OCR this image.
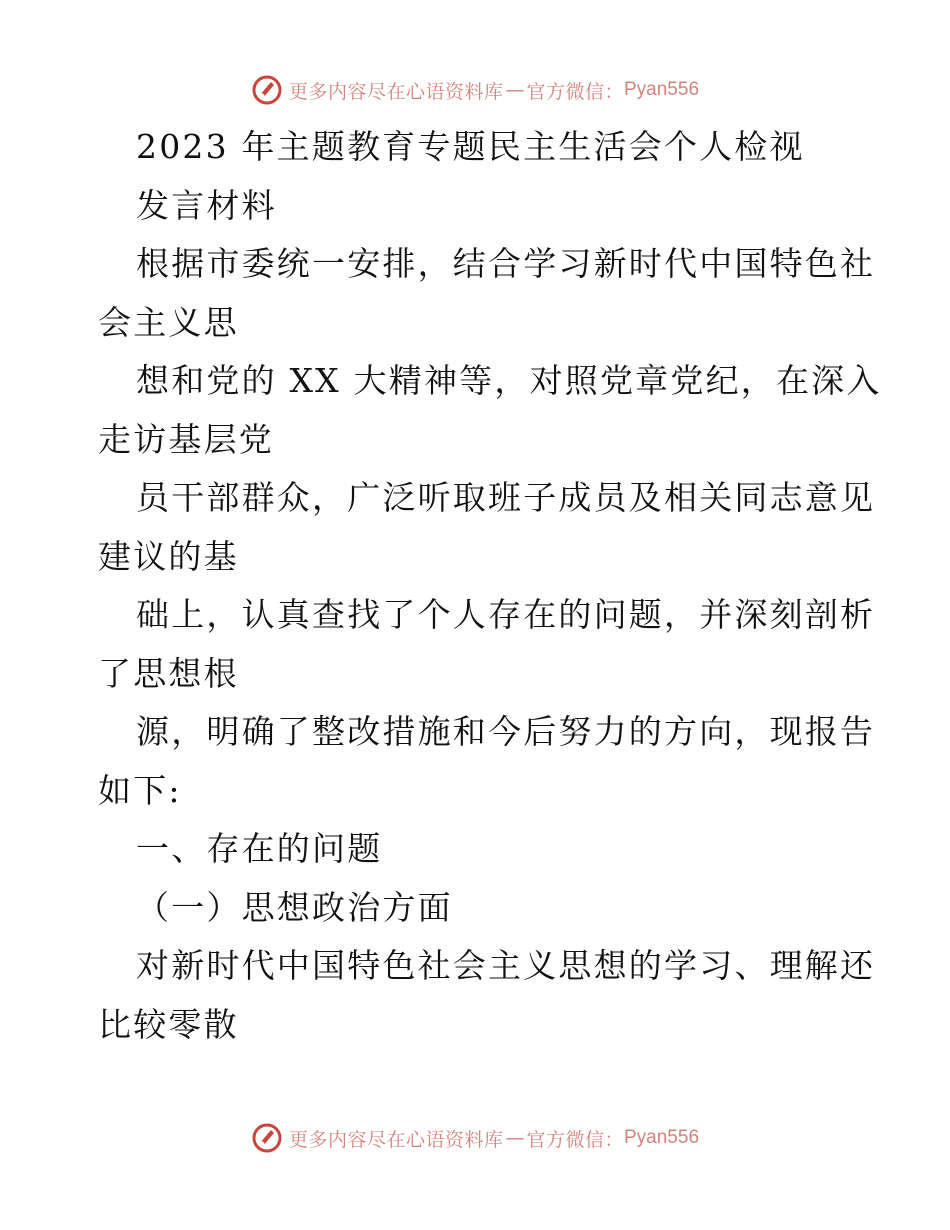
更多内容尽在心语资料库 — 官方微信： Pyan556
2023 年主题教育专题民主生活会个人检视
发言材料
根据市委统一安排，结合学习新时代中国特色社
会主义思
想和党的 XX 大精神等，对照党章党纪，在深入
走访基层党
员干部群众，广泛听取班子成员及相关同志意见
建议的基
础上，认真查找了个人存在的问题，并深刻剖析
了思想根
源，明确了整改措施和今后努力的方向，现报告
如下:
一、存在的问题
（一）思想政治方面
对新时代中国特色社会主义思想的学习、理解还
比较零散
更多内容尽在心语资料库 — 官方微信： Pyan556
